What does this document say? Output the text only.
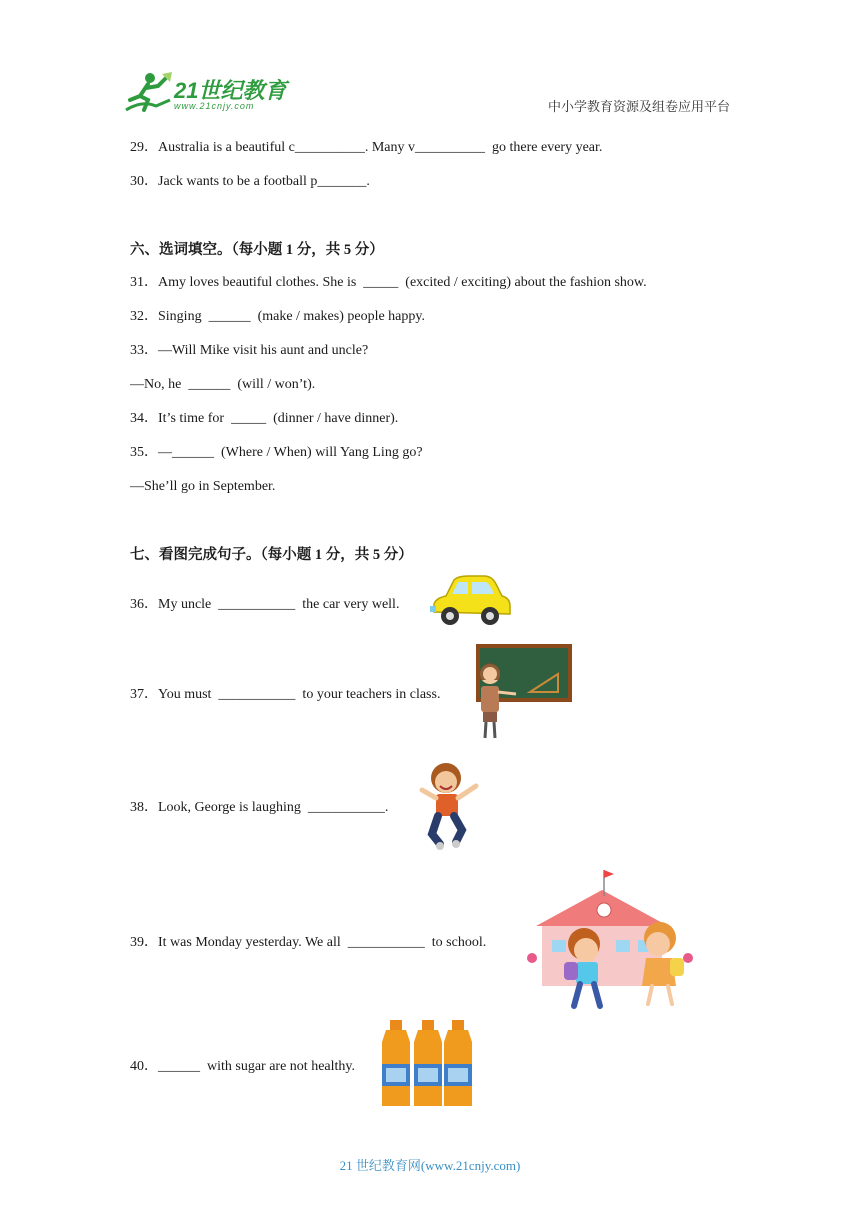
21世纪教育
www.21cnjy.com	中小学教育资源及组卷应用平台
29．Australia is a beautiful c__________. Many v__________  go there every year.
30．Jack wants to be a football p_______.
六、选词填空。（每小题 1 分，共 5 分）
31．Amy loves beautiful clothes. She is  _____  (excited / exciting) about the fashion show.
32．Singing  ______  (make / makes) people happy.
33．—Will Mike visit his aunt and uncle?
—No, he  ______  (will / won’t).
34．It’s time for  _____  (dinner / have dinner).
35．—______  (Where / When) will Yang Ling go?
—She’ll go in September.
七、看图完成句子。（每小题 1 分，共 5 分）
36．My uncle  ___________  the car very well.
37．You must  ___________  to your teachers in class.
38．Look, George is laughing  ___________.
39．It was Monday yesterday. We all  ___________  to school.
40．______  with sugar are not healthy.
21 世纪教育网(www.21cnjy.com)
